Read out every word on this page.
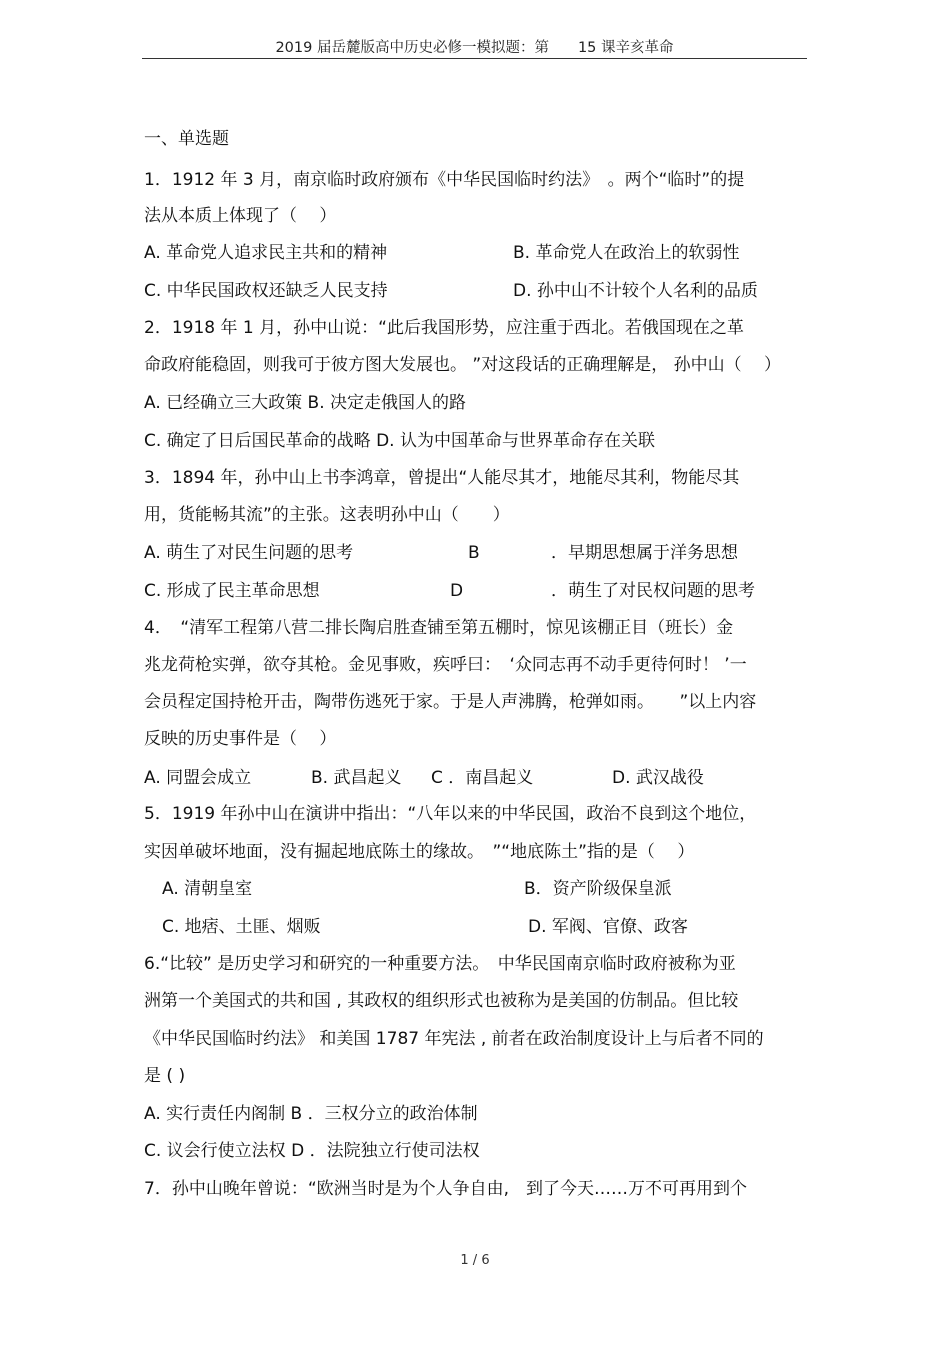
2019 届岳麓版高中历史必修一模拟题：第　　15 课辛亥革命
一、单选题
1．1912 年 3 月，南京临时政府颁布《中华民国临时约法》　。两个“临时”的提
法从本质上体现了（　 ）
A. 革命党人追求民主共和的精神	B. 革命党人在政治上的软弱性
C. 中华民国政权还缺乏人民支持	D. 孙中山不计较个人名利的品质
2．1918 年 1 月，孙中山说：“此后我国形势，应注重于西北。若俄国现在之革
命政府能稳固，则我可于彼方图大发展也。 ”对这段话的正确理解是， 孙中山（　 ）
A. 已经确立三大政策 B. 决定走俄国人的路
C. 确定了日后国民革命的战略 D. 认为中国革命与世界革命存在关联
3．1894 年，孙中山上书李鸿章，曾提出“人能尽其才，地能尽其利，物能尽其
用，货能畅其流”的主张。这表明孙中山（　　）
A. 萌生了对民生问题的思考	B	．早期思想属于洋务思想
C. 形成了民主革命思想	D	．萌生了对民权问题的思考
4．　“清军工程第八营二排长陶启胜查铺至第五棚时，惊见该棚正目（班长）金
兆龙荷枪实弹，欲夺其枪。金见事败，疾呼曰：　‘众同志再不动手更待何时！ ’一
会员程定国持枪开击，陶带伤逃死于家。于是人声沸腾，枪弹如雨。　　”以上内容
反映的历史事件是（　 ）
A. 同盟会成立	B. 武昌起义 C ．南昌起义	D. 武汉战役
5．1919 年孙中山在演讲中指出：“八年以来的中华民国，政治不良到这个地位，
实因单破坏地面，没有掘起地底陈土的缘故。　”“地底陈土”指的是（　 ）
A. 清朝皇室	B．资产阶级保皇派
C. 地痞、土匪、烟贩	D. 军阀、官僚、政客
6.“比较” 是历史学习和研究的一种重要方法。　中华民国南京临时政府被称为亚
洲第一个美国式的共和国 , 其政权的组织形式也被称为是美国的仿制品。但比较
《中华民国临时约法》 和美国 1787 年宪法 , 前者在政治制度设计上与后者不同的
是 ( )
A. 实行责任内阁制 B ．三权分立的政治体制
C. 议会行使立法权 D ．法院独立行使司法权
7．孙中山晚年曾说：“欧洲当时是为个人争自由,　到了今天……万不可再用到个
1 / 6
